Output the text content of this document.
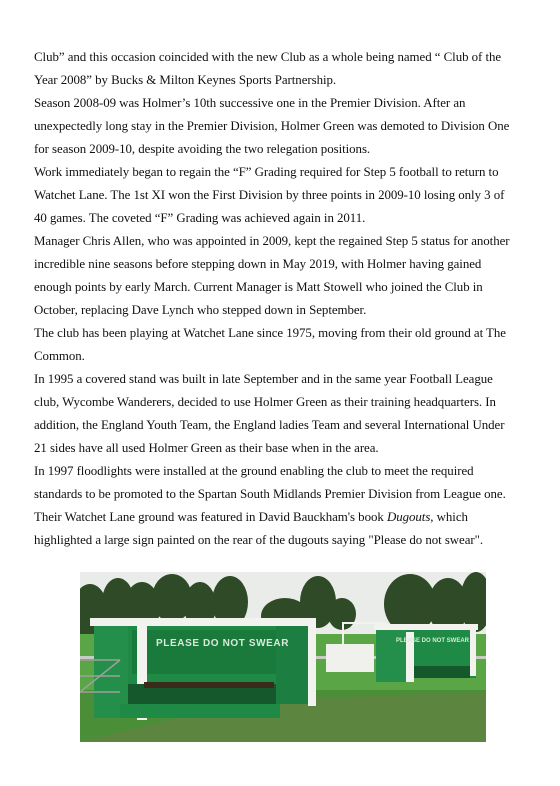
Club” and this occasion coincided with the new Club as a whole being named “ Club of the
Year 2008” by Bucks & Milton Keynes Sports Partnership.

Season 2008-09 was Holmer’s 10th successive one in the Premier Division. After an
unexpectedly long stay in the Premier Division, Holmer Green was demoted to Division One
for season 2009-10, despite avoiding the two relegation positions.

Work immediately began to regain the “F” Grading required for Step 5 football to return to
Watchet Lane. The 1st XI won the First Division by three points in 2009-10 losing only 3 of
40 games. The coveted “F” Grading was achieved again in 2011.

Manager Chris Allen, who was appointed in 2009, kept the regained Step 5 status for another
incredible nine seasons before stepping down in May 2019, with Holmer having gained
enough points by early March. Current Manager is Matt Stowell who joined the Club in
October, replacing Dave Lynch who stepped down in September.

The club has been playing at Watchet Lane since 1975, moving from their old ground at The
Common.

In 1995 a covered stand was built in late September and in the same year Football League
club, Wycombe Wanderers, decided to use Holmer Green as their training headquarters. In
addition, the England Youth Team, the England ladies Team and several International Under
21 sides have all used Holmer Green as their base when in the area.

In 1997 floodlights were installed at the ground enabling the club to meet the required
standards to be promoted to the Spartan South Midlands Premier Division from League one.

Their Watchet Lane ground was featured in David Bauckham's book Dugouts, which
highlighted a large sign painted on the rear of the dugouts saying "Please do not swear".

PLEASE DO NOT SWEAR	PLEASE DO NOT SWEAR
